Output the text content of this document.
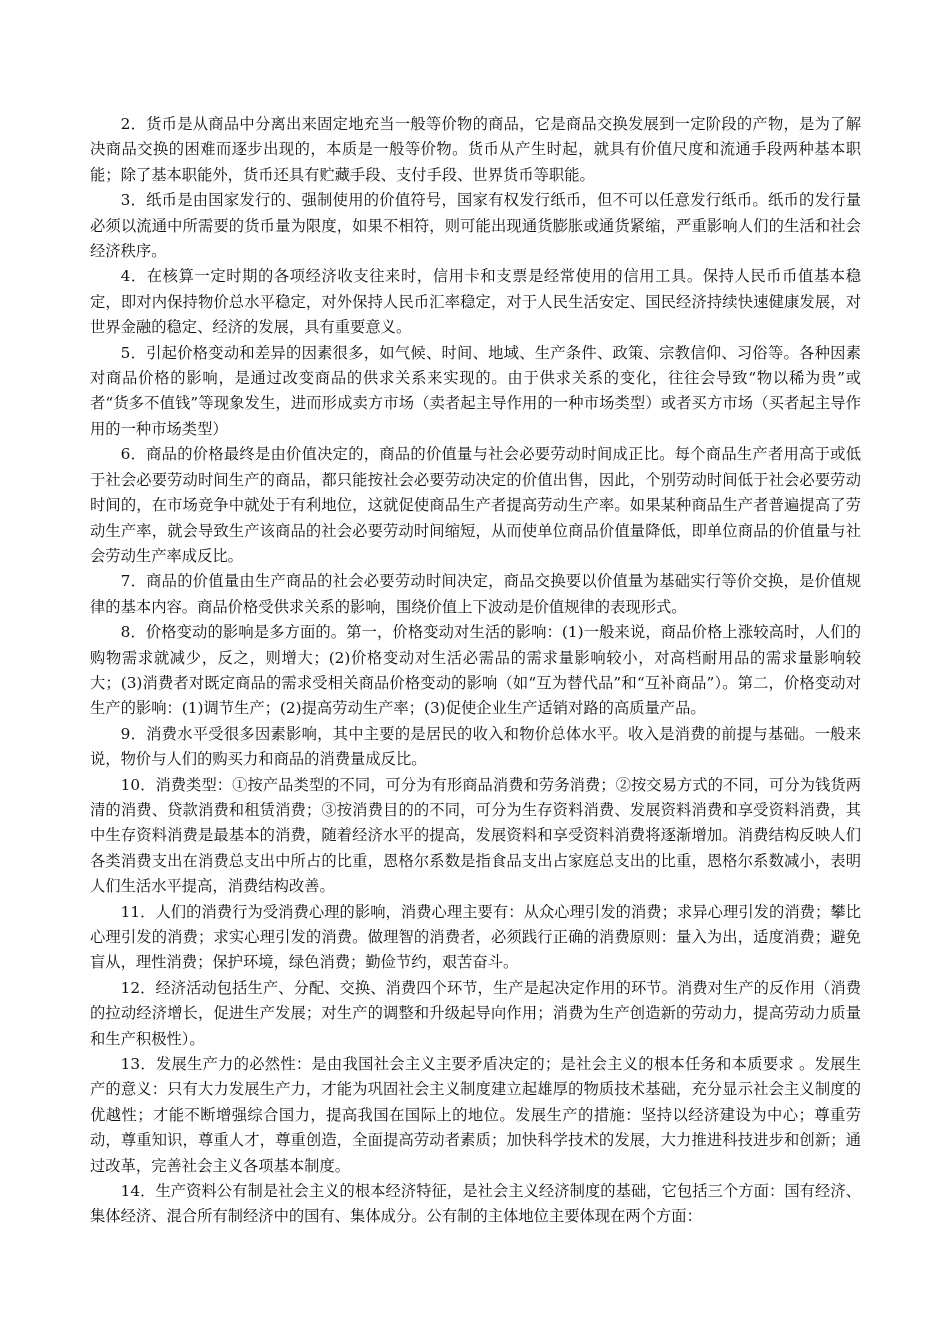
2．货币是从商品中分离出来固定地充当一般等价物的商品，它是商品交换发展到一定阶段的产物，是为了解决商品交换的困难而逐步出现的，本质是一般等价物。货币从产生时起，就具有价值尺度和流通手段两种基本职能；除了基本职能外，货币还具有贮藏手段、支付手段、世界货币等职能。

3．纸币是由国家发行的、强制使用的价值符号，国家有权发行纸币，但不可以任意发行纸币。纸币的发行量必须以流通中所需要的货币量为限度，如果不相符，则可能出现通货膨胀或通货紧缩，严重影响人们的生活和社会经济秩序。

4．在核算一定时期的各项经济收支往来时，信用卡和支票是经常使用的信用工具。保持人民币币值基本稳定，即对内保持物价总水平稳定，对外保持人民币汇率稳定，对于人民生活安定、国民经济持续快速健康发展，对世界金融的稳定、经济的发展，具有重要意义。

5．引起价格变动和差异的因素很多，如气候、时间、地域、生产条件、政策、宗教信仰、习俗等。各种因素对商品价格的影响，是通过改变商品的供求关系来实现的。由于供求关系的变化，往往会导致“物以稀为贵”或者“货多不值钱”等现象发生，进而形成卖方市场（卖者起主导作用的一种市场类型）或者买方市场（买者起主导作用的一种市场类型）

6．商品的价格最终是由价值决定的，商品的价值量与社会必要劳动时间成正比。每个商品生产者用高于或低于社会必要劳动时间生产的商品，都只能按社会必要劳动决定的价值出售，因此，个别劳动时间低于社会必要劳动时间的，在市场竞争中就处于有利地位，这就促使商品生产者提高劳动生产率。如果某种商品生产者普遍提高了劳动生产率，就会导致生产该商品的社会必要劳动时间缩短，从而使单位商品价值量降低，即单位商品的价值量与社会劳动生产率成反比。

7．商品的价值量由生产商品的社会必要劳动时间决定，商品交换要以价值量为基础实行等价交换，是价值规律的基本内容。商品价格受供求关系的影响，围绕价值上下波动是价值规律的表现形式。

8．价格变动的影响是多方面的。第一，价格变动对生活的影响：(1)一般来说，商品价格上涨较高时，人们的购物需求就减少，反之，则增大；(2)价格变动对生活必需品的需求量影响较小，对高档耐用品的需求量影响较大；(3)消费者对既定商品的需求受相关商品价格变动的影响（如“互为替代品”和“互补商品”）。第二，价格变动对生产的影响：(1)调节生产；(2)提高劳动生产率；(3)促使企业生产适销对路的高质量产品。

9．消费水平受很多因素影响，其中主要的是居民的收入和物价总体水平。收入是消费的前提与基础。一般来说，物价与人们的购买力和商品的消费量成反比。

10．消费类型：①按产品类型的不同，可分为有形商品消费和劳务消费；②按交易方式的不同，可分为钱货两清的消费、贷款消费和租赁消费；③按消费目的的不同，可分为生存资料消费、发展资料消费和享受资料消费，其中生存资料消费是最基本的消费，随着经济水平的提高，发展资料和享受资料消费将逐渐增加。消费结构反映人们各类消费支出在消费总支出中所占的比重，恩格尔系数是指食品支出占家庭总支出的比重，恩格尔系数减小，表明人们生活水平提高，消费结构改善。

11．人们的消费行为受消费心理的影响，消费心理主要有：从众心理引发的消费；求异心理引发的消费；攀比心理引发的消费；求实心理引发的消费。做理智的消费者，必须践行正确的消费原则：量入为出，适度消费；避免盲从，理性消费；保护环境，绿色消费；勤俭节约，艰苦奋斗。

12．经济活动包括生产、分配、交换、消费四个环节，生产是起决定作用的环节。消费对生产的反作用（消费的拉动经济增长，促进生产发展；对生产的调整和升级起导向作用；消费为生产创造新的劳动力，提高劳动力质量和生产积极性）。

13．发展生产力的必然性：是由我国社会主义主要矛盾决定的；是社会主义的根本任务和本质要求 。发展生产的意义：只有大力发展生产力，才能为巩固社会主义制度建立起雄厚的物质技术基础，充分显示社会主义制度的优越性；才能不断增强综合国力，提高我国在国际上的地位。发展生产的措施：坚持以经济建设为中心；尊重劳动，尊重知识，尊重人才，尊重创造，全面提高劳动者素质；加快科学技术的发展，大力推进科技进步和创新；通过改革，完善社会主义各项基本制度。

14．生产资料公有制是社会主义的根本经济特征，是社会主义经济制度的基础，它包括三个方面：国有经济、集体经济、混合所有制经济中的国有、集体成分。公有制的主体地位主要体现在两个方面：
